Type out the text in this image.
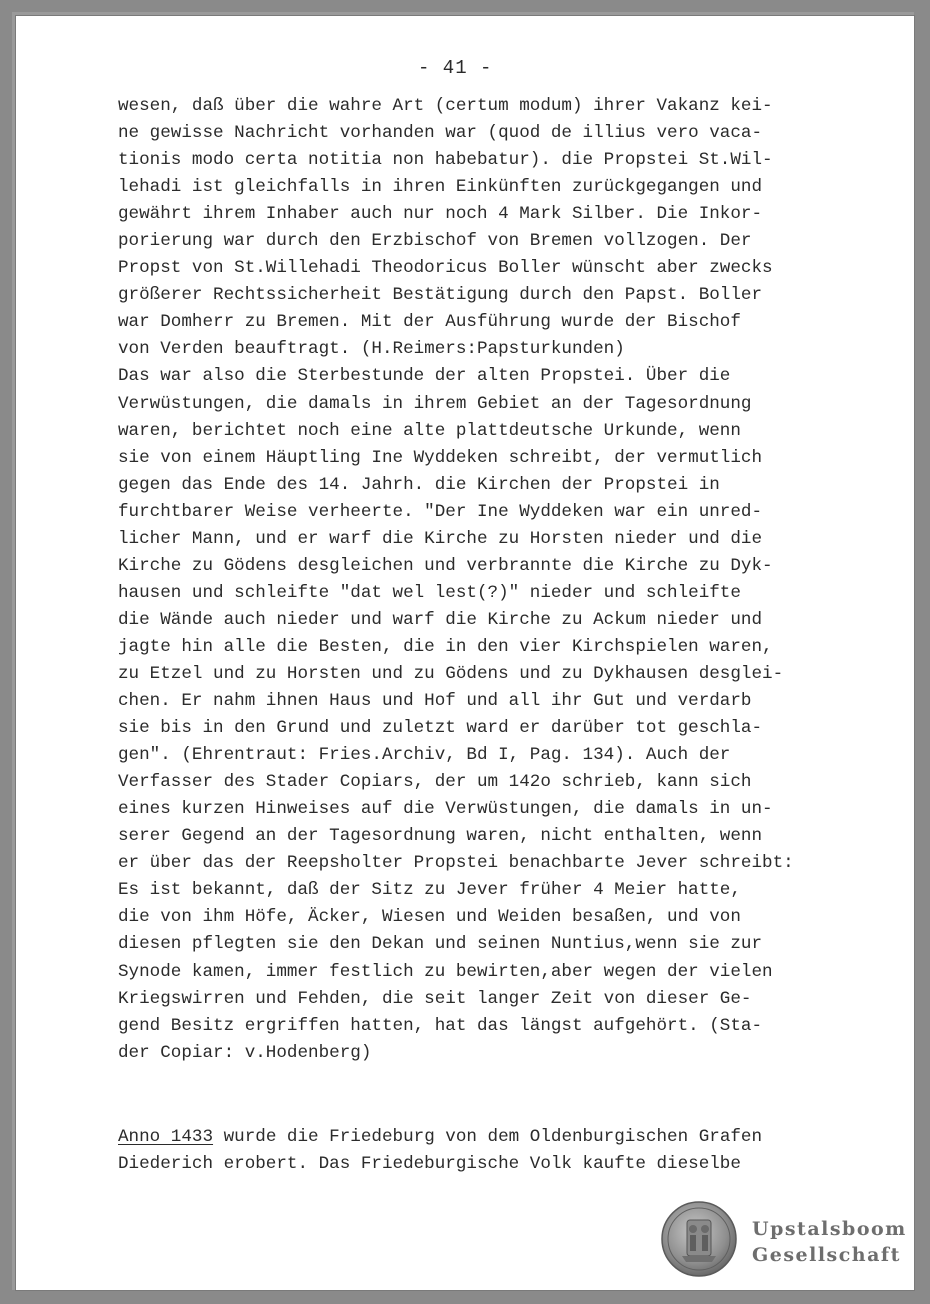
- 41 -
wesen, daß über die wahre Art (certum modum) ihrer Vakanz kei-
ne gewisse Nachricht vorhanden war (quod de illius vero vaca-
tionis modo certa notitia non habebatur). die Propstei St.Wil-
lehadi ist gleichfalls in ihren Einkünften zurückgegangen und
gewährt ihrem Inhaber auch nur noch 4 Mark Silber. Die Inkor-
porierung war durch den Erzbischof von Bremen vollzogen. Der
Propst von St.Willehadi Theodoricus Boller wünscht aber zwecks
größerer Rechtssicherheit Bestätigung durch den Papst. Boller
war Domherr zu Bremen. Mit der Ausführung wurde der Bischof
von Verden beauftragt. (H.Reimers:Papsturkunden)
Das war also die Sterbestunde der alten Propstei. Über die
Verwüstungen, die damals in ihrem Gebiet an der Tagesordnung
waren, berichtet noch eine alte plattdeutsche Urkunde, wenn
sie von einem Häuptling Ine Wyddeken schreibt, der vermutlich
gegen das Ende des 14. Jahrh. die Kirchen der Propstei in
furchtbarer Weise verheerte. "Der Ine Wyddeken war ein unred-
licher Mann, und er warf die Kirche zu Horsten nieder und die
Kirche zu Gödens desgleichen und verbrannte die Kirche zu Dyk-
hausen und schleifte "dat wel lest(?)" nieder und schleifte
die Wände auch nieder und warf die Kirche zu Ackum nieder und
jagte hin alle die Besten, die in den vier Kirchspielen waren,
zu Etzel und zu Horsten und zu Gödens und zu Dykhausen desglei-
chen. Er nahm ihnen Haus und Hof und all ihr Gut und verdarb
sie bis in den Grund und zuletzt ward er darüber tot geschla-
gen". (Ehrentraut: Fries.Archiv, Bd I, Pag. 134). Auch der
Verfasser des Stader Copiars, der um 142o schrieb, kann sich
eines kurzen Hinweises auf die Verwüstungen, die damals in un-
serer Gegend an der Tagesordnung waren, nicht enthalten, wenn
er über das der Reepsholter Propstei benachbarte Jever schreibt:
Es ist bekannt, daß der Sitz zu Jever früher 4 Meier hatte,
die von ihm Höfe, Äcker, Wiesen und Weiden besaßen, und von
diesen pflegten sie den Dekan und seinen Nuntius,wenn sie zur
Synode kamen, immer festlich zu bewirten,aber wegen der vielen
Kriegswirren und Fehden, die seit langer Zeit von dieser Ge-
gend Besitz ergriffen hatten, hat das längst aufgehört. (Sta-
der Copiar: v.Hodenberg)
Anno 1433 wurde die Friedeburg von dem Oldenburgischen Grafen
Diederich erobert. Das Friedeburgische Volk kaufte dieselbe
Upstalsboom
Gesellschaft
